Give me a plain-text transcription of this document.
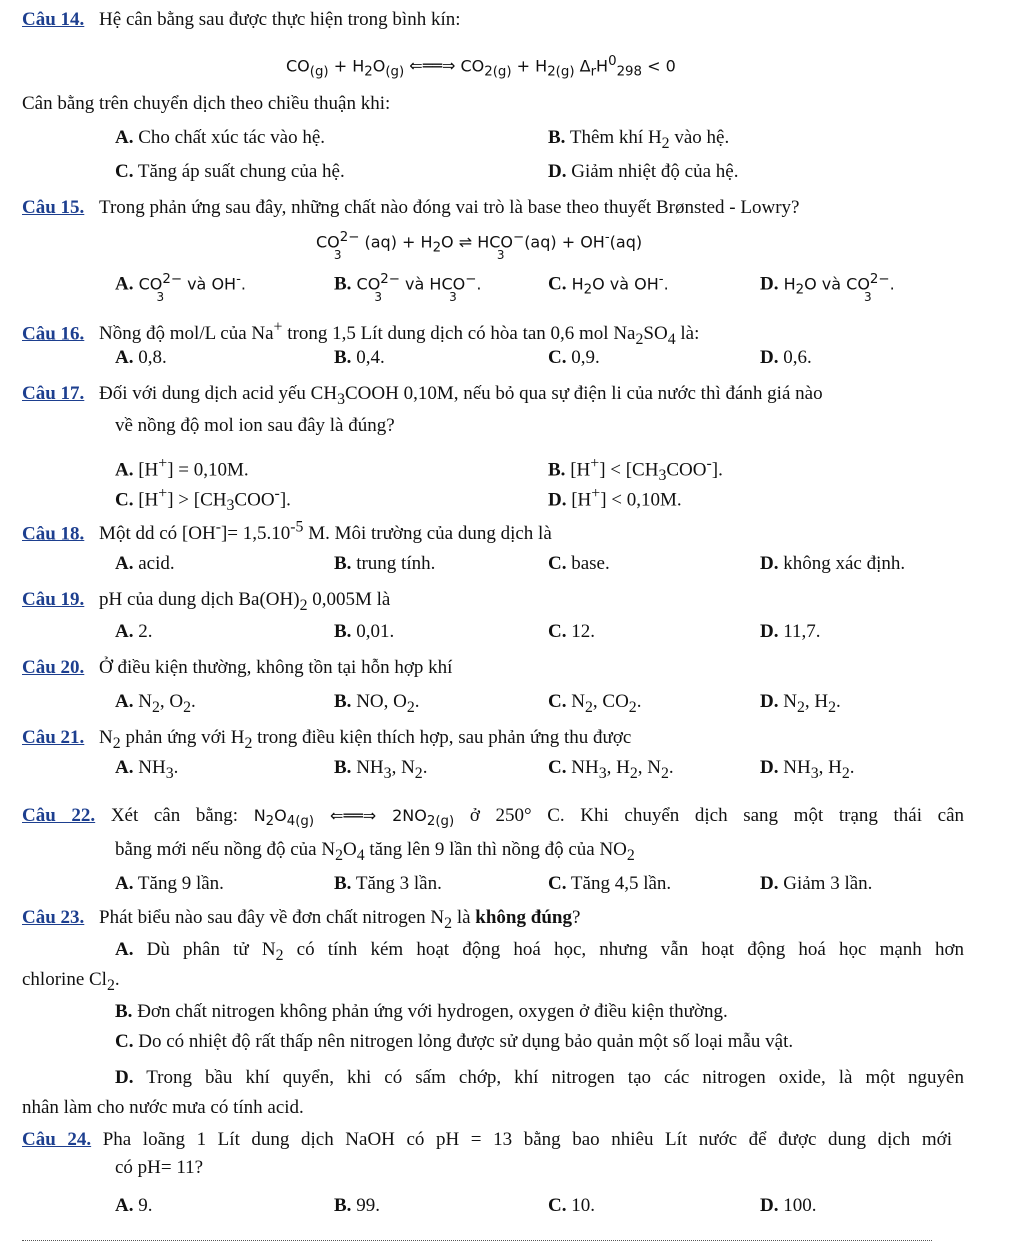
Câu 14. Hệ cân bằng sau được thực hiện trong bình kín:
$CO_{(g)} + H_2O_{(g)}$ ⇐══⇒ $CO_{2(g)} + H_{2(g)}$ $\Delta_rH^0_{298} < 0$
Cân bằng trên chuyển dịch theo chiều thuận khi:
A. Cho chất xúc tác vào hệ.	B. Thêm khí $H_2$ vào hệ.
C. Tăng áp suất chung của hệ.	D. Giảm nhiệt độ của hệ.
Câu 15. Trong phản ứng sau đây, những chất nào đóng vai trò là base theo thuyết Brønsted - Lowry?
$CO^{2-}$
3
$(aq) + H_2O$ ⇌ HCO−
3
(aq) + OH-(aq)
A. $CO^{2-}$
3
và OH-.	B. $CO^{2-}$
3
và HCO−
3
.	C. $H_2O$ và OH-.	D. $H_2O$ và $CO^{2-}$
3
.
Câu 16. Nồng độ mol/L của Na+ trong 1,5 Lít dung dịch có hòa tan 0,6 mol $Na_2SO_4$ là:
A. 0,8.	B. 0,4.	C. 0,9.	D. 0,6.
Câu 17. Đối với dung dịch acid yếu $CH_3COOH$ 0,10M, nếu bỏ qua sự điện li của nước thì đánh giá nào
về nồng độ mol ion sau đây là đúng?
A. [H+] = 0,10M.	B. $[H^+] < [CH_3COO^-]$.
C. $[H^+] > [CH_3COO^-]$.	D. [H+] < 0,10M.
Câu 18. Một dd có $[OH^-]= 1,5.10^{-5}$ M. Môi trường của dung dịch là
A. acid.	B. trung tính.	C. base.	D. không xác định.
Câu 19. pH của dung dịch $Ba(OH)_2$ 0,005M là
A. 2.	B. 0,01.	C. 12.	D. 11,7.
Câu 20. Ở điều kiện thường, không tồn tại hỗn hợp khí
A. $N_2$, $O_2$.	B. NO, $O_2$.	C. $N_2$, $CO_2$.	D. $N_2$, $H_2$.
Câu 21. $N_2$ phản ứng với $H_2$ trong điều kiện thích hợp, sau phản ứng thu được
A. $NH_3$.	B. $NH_3$, $N_2$.	C. $NH_3$, $H_2$, $N_2$.	D. $NH_3$, $H_2$.
Câu 22. Xét cân bằng: $N_2O_{4(g)}$ ⇐══⇒ $2NO_{2(g)}$ ở 250° C. Khi chuyển dịch sang một trạng thái cân
bằng mới nếu nồng độ của $N_2O_4$ tăng lên 9 lần thì nồng độ của $NO_2$
A. Tăng 9 lần.	B. Tăng 3 lần.	C. Tăng 4,5 lần.	D. Giảm 3 lần.
Câu 23. Phát biểu nào sau đây về đơn chất nitrogen $N_2$ là không đúng?
A. Dù phân tử $N_2$ có tính kém hoạt động hoá học, nhưng vẫn hoạt động hoá học mạnh hơn
chlorine $Cl_2$.
B. Đơn chất nitrogen không phản ứng với hydrogen, oxygen ở điều kiện thường.
C. Do có nhiệt độ rất thấp nên nitrogen lỏng được sử dụng bảo quản một số loại mẫu vật.
D. Trong bầu khí quyển, khi có sấm chớp, khí nitrogen tạo các nitrogen oxide, là một nguyên
nhân làm cho nước mưa có tính acid.
Câu 24. Pha loãng 1 Lít dung dịch NaOH có pH = 13 bằng bao nhiêu Lít nước để được dung dịch mới
có pH= 11?
A. 9.	B. 99.	C. 10.	D. 100.
